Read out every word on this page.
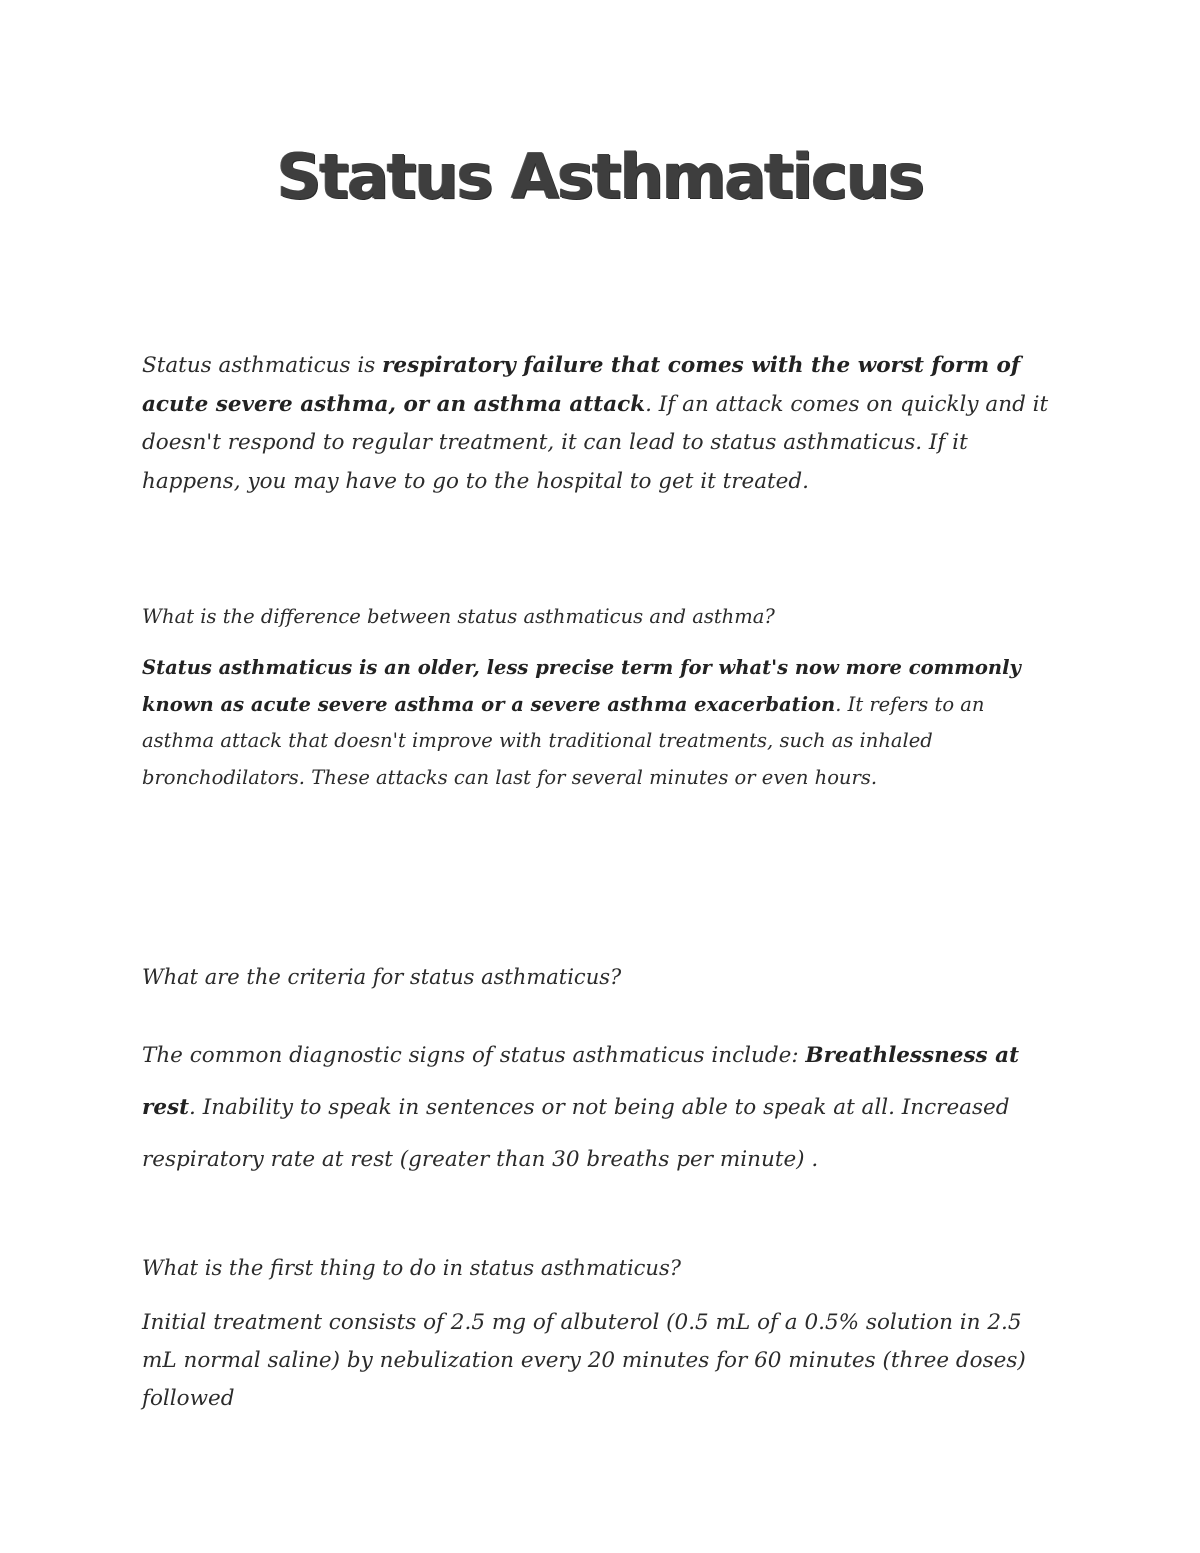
Status Asthmaticus

Status asthmaticus is respiratory failure that comes with the worst form of acute severe asthma, or an asthma attack. If an attack comes on quickly and it doesn't respond to regular treatment, it can lead to status asthmaticus. If it happens, you may have to go to the hospital to get it treated.

What is the difference between status asthmaticus and asthma?

Status asthmaticus is an older, less precise term for what's now more commonly known as acute severe asthma or a severe asthma exacerbation. It refers to an asthma attack that doesn't improve with traditional treatments, such as inhaled bronchodilators. These attacks can last for several minutes or even hours.

What are the criteria for status asthmaticus?

The common diagnostic signs of status asthmaticus include: Breathlessness at rest. Inability to speak in sentences or not being able to speak at all. Increased respiratory rate at rest (greater than 30 breaths per minute) .

What is the first thing to do in status asthmaticus?

Initial treatment consists of 2.5 mg of albuterol (0.5 mL of a 0.5% solution in 2.5 mL normal saline) by nebulization every 20 minutes for 60 minutes (three doses) followed
